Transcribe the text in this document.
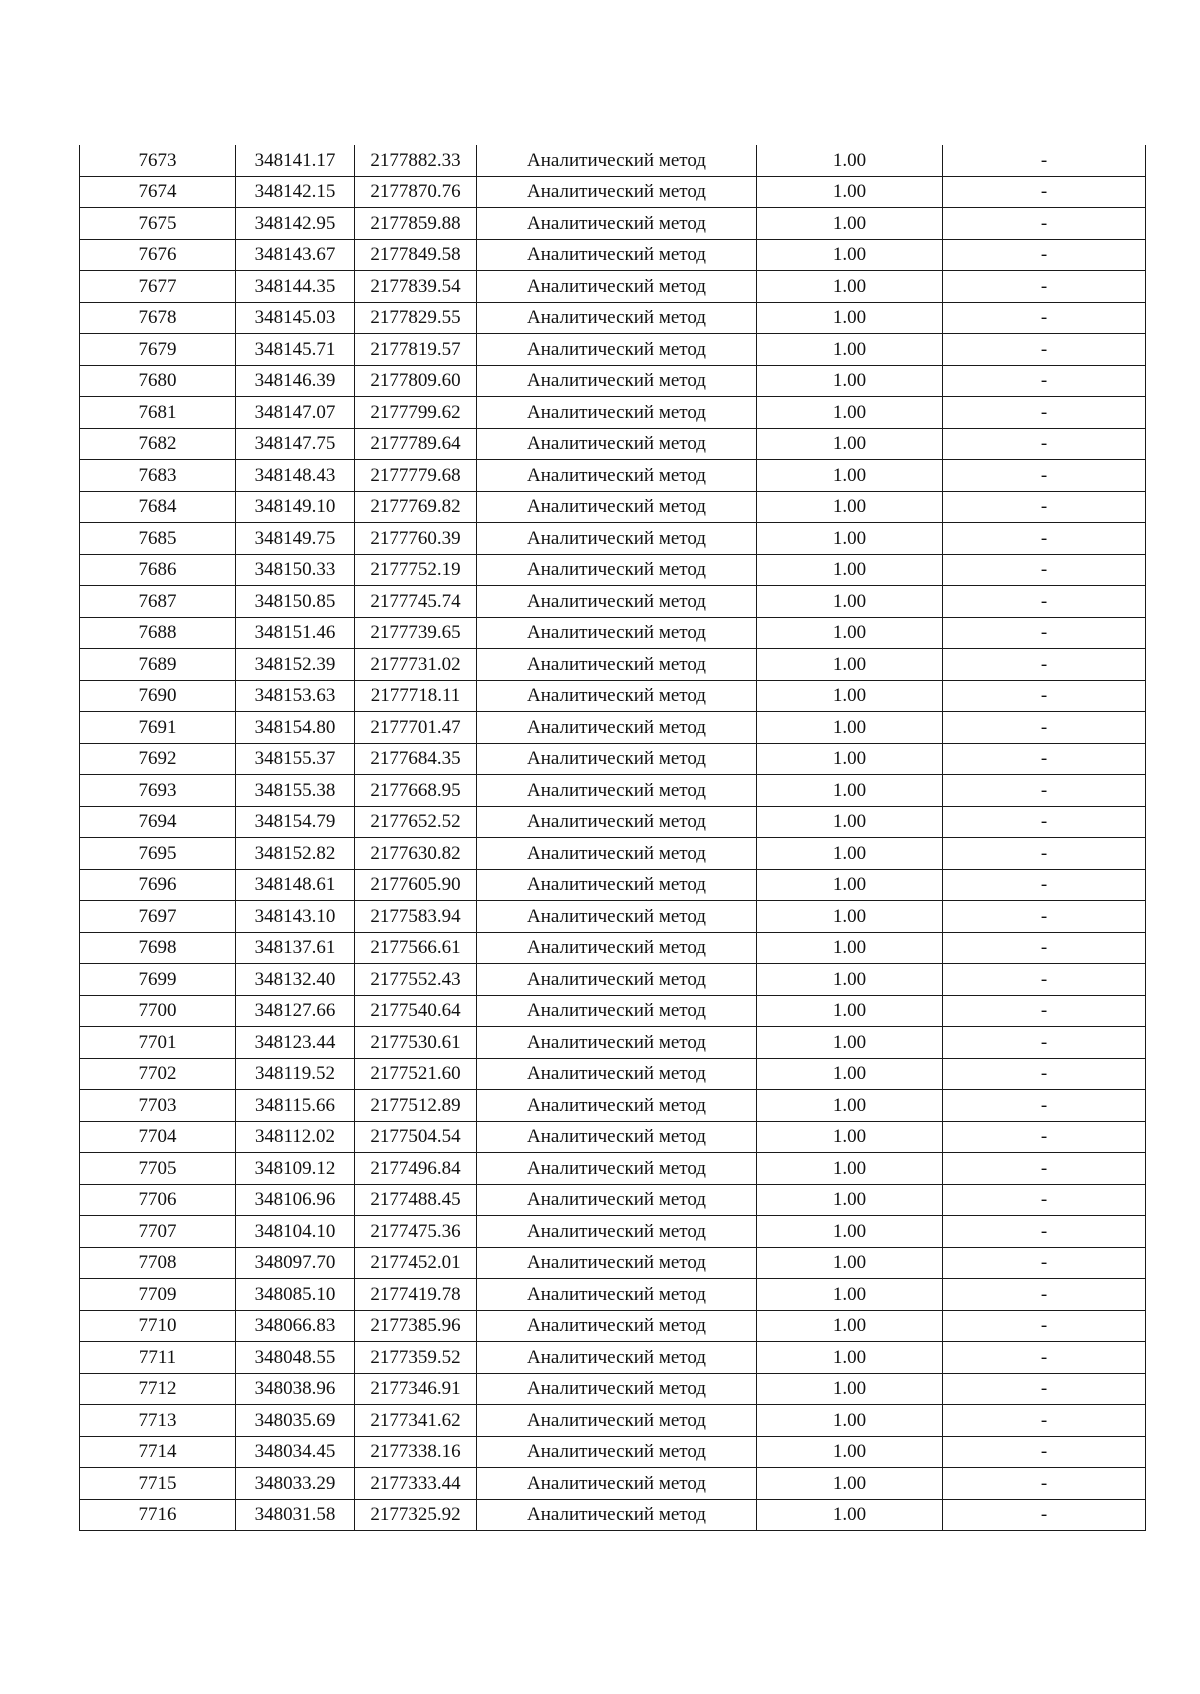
7673	348141.17	2177882.33	Аналитический метод	1.00	-
7674	348142.15	2177870.76	Аналитический метод	1.00	-
7675	348142.95	2177859.88	Аналитический метод	1.00	-
7676	348143.67	2177849.58	Аналитический метод	1.00	-
7677	348144.35	2177839.54	Аналитический метод	1.00	-
7678	348145.03	2177829.55	Аналитический метод	1.00	-
7679	348145.71	2177819.57	Аналитический метод	1.00	-
7680	348146.39	2177809.60	Аналитический метод	1.00	-
7681	348147.07	2177799.62	Аналитический метод	1.00	-
7682	348147.75	2177789.64	Аналитический метод	1.00	-
7683	348148.43	2177779.68	Аналитический метод	1.00	-
7684	348149.10	2177769.82	Аналитический метод	1.00	-
7685	348149.75	2177760.39	Аналитический метод	1.00	-
7686	348150.33	2177752.19	Аналитический метод	1.00	-
7687	348150.85	2177745.74	Аналитический метод	1.00	-
7688	348151.46	2177739.65	Аналитический метод	1.00	-
7689	348152.39	2177731.02	Аналитический метод	1.00	-
7690	348153.63	2177718.11	Аналитический метод	1.00	-
7691	348154.80	2177701.47	Аналитический метод	1.00	-
7692	348155.37	2177684.35	Аналитический метод	1.00	-
7693	348155.38	2177668.95	Аналитический метод	1.00	-
7694	348154.79	2177652.52	Аналитический метод	1.00	-
7695	348152.82	2177630.82	Аналитический метод	1.00	-
7696	348148.61	2177605.90	Аналитический метод	1.00	-
7697	348143.10	2177583.94	Аналитический метод	1.00	-
7698	348137.61	2177566.61	Аналитический метод	1.00	-
7699	348132.40	2177552.43	Аналитический метод	1.00	-
7700	348127.66	2177540.64	Аналитический метод	1.00	-
7701	348123.44	2177530.61	Аналитический метод	1.00	-
7702	348119.52	2177521.60	Аналитический метод	1.00	-
7703	348115.66	2177512.89	Аналитический метод	1.00	-
7704	348112.02	2177504.54	Аналитический метод	1.00	-
7705	348109.12	2177496.84	Аналитический метод	1.00	-
7706	348106.96	2177488.45	Аналитический метод	1.00	-
7707	348104.10	2177475.36	Аналитический метод	1.00	-
7708	348097.70	2177452.01	Аналитический метод	1.00	-
7709	348085.10	2177419.78	Аналитический метод	1.00	-
7710	348066.83	2177385.96	Аналитический метод	1.00	-
7711	348048.55	2177359.52	Аналитический метод	1.00	-
7712	348038.96	2177346.91	Аналитический метод	1.00	-
7713	348035.69	2177341.62	Аналитический метод	1.00	-
7714	348034.45	2177338.16	Аналитический метод	1.00	-
7715	348033.29	2177333.44	Аналитический метод	1.00	-
7716	348031.58	2177325.92	Аналитический метод	1.00	-
